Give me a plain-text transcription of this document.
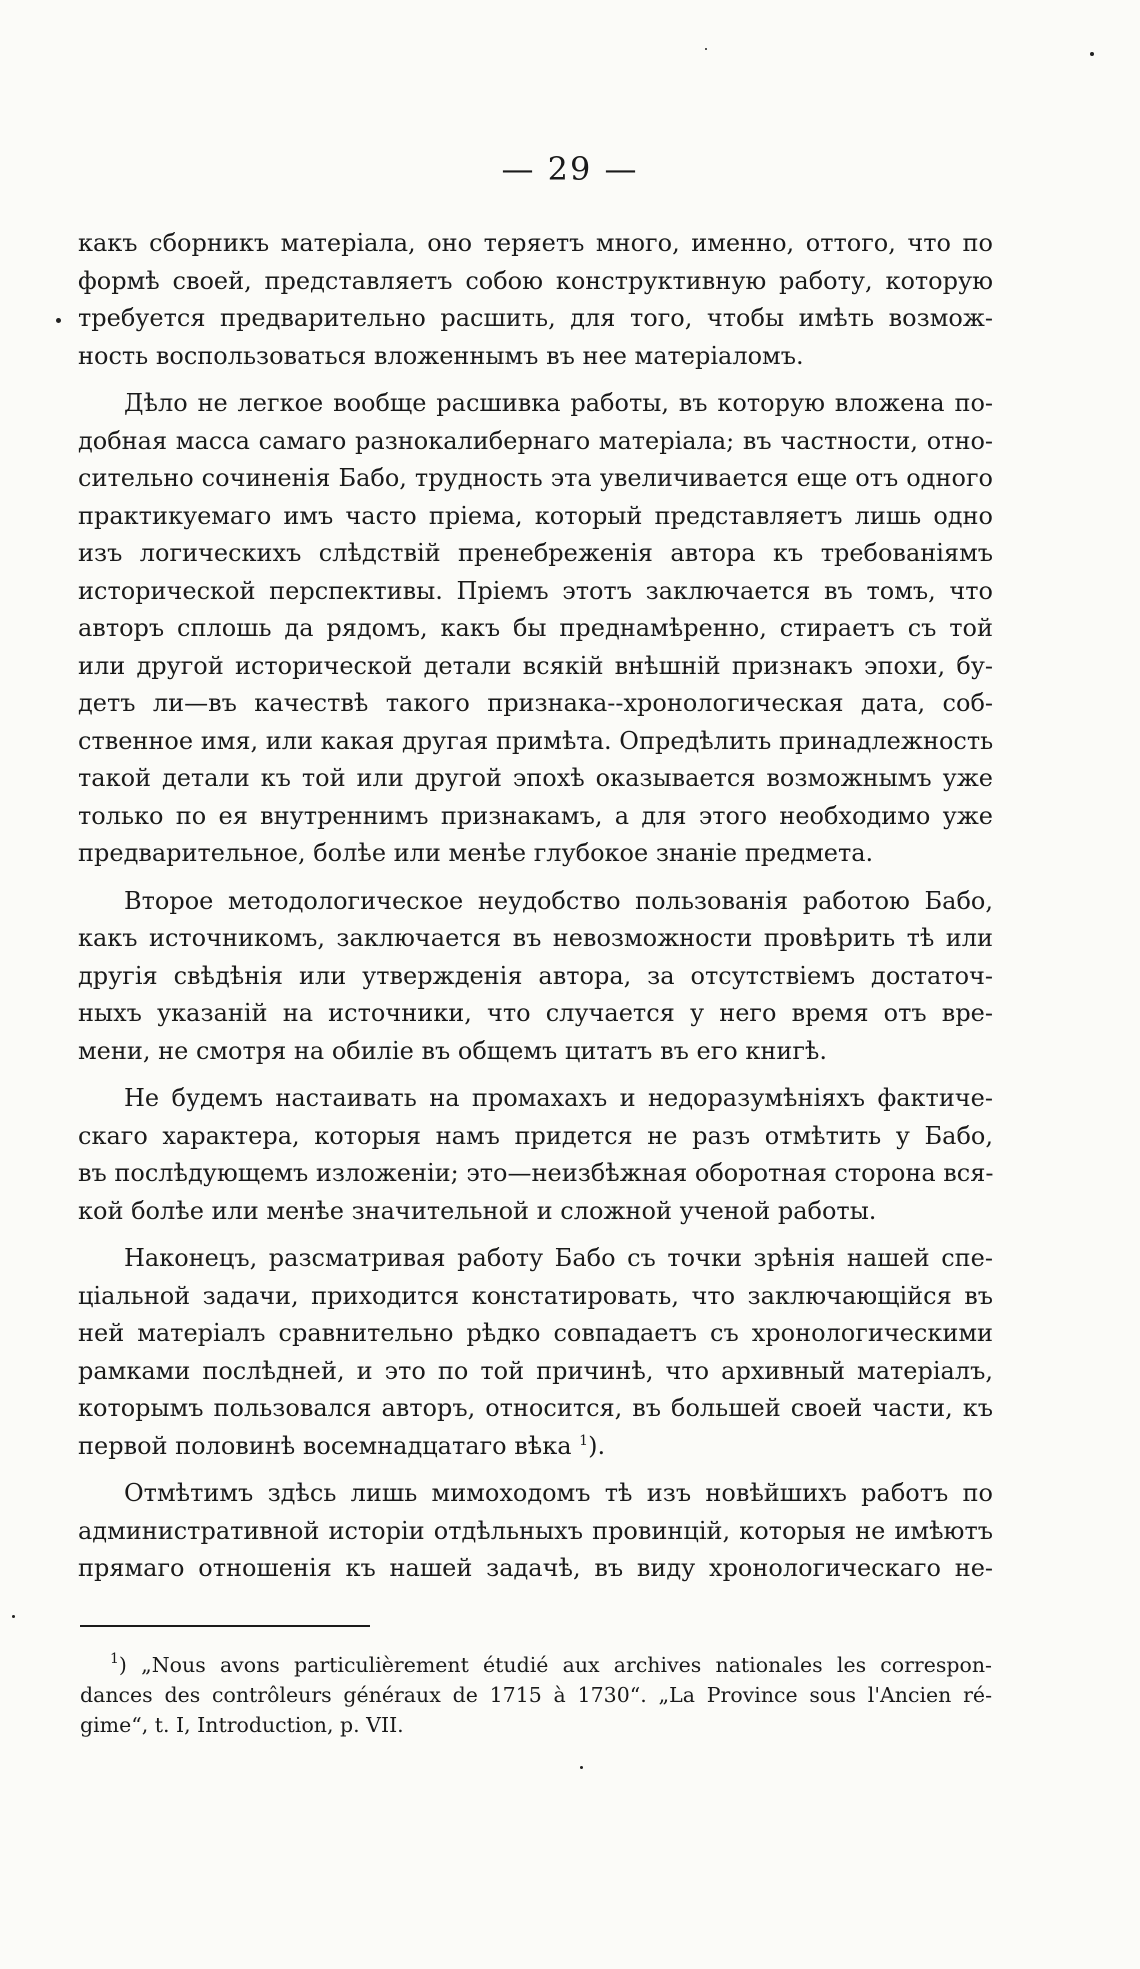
— 29 —
какъ сборникъ матеріала, оно теряетъ много, именно, оттого, что по
формѣ своей, представляетъ собою конструктивную работу, которую
требуется предварительно расшить, для того, чтобы имѣть возмож-
ность воспользоваться вложеннымъ въ нее матеріаломъ.
Дѣло не легкое вообще расшивка работы, въ которую вложена по-
добная масса самаго разнокалибернаго матеріала; въ частности, отно-
сительно сочиненія Бабо, трудность эта увеличивается еще отъ одного
практикуемаго имъ часто пріема, который представляетъ лишь одно
изъ логическихъ слѣдствій пренебреженія автора къ требованіямъ
исторической перспективы. Пріемъ этотъ заключается въ томъ, что
авторъ сплошь да рядомъ, какъ бы преднамѣренно, стираетъ съ той
или другой исторической детали всякій внѣшній признакъ эпохи, бу-
детъ ли—въ качествѣ такого признака--хронологическая дата, соб-
ственное имя, или какая другая примѣта. Опредѣлить принадлежность
такой детали къ той или другой эпохѣ оказывается возможнымъ уже
только по ея внутреннимъ признакамъ, а для этого необходимо уже
предварительное, болѣе или менѣе глубокое знаніе предмета.
Второе методологическое неудобство пользованія работою Бабо,
какъ источникомъ, заключается въ невозможности провѣрить тѣ или
другія свѣдѣнія или утвержденія автора, за отсутствіемъ достаточ-
ныхъ указаній на источники, что случается у него время отъ вре-
мени, не смотря на обиліе въ общемъ цитатъ въ его книгѣ.
Не будемъ настаивать на промахахъ и недоразумѣніяхъ фактиче-
скаго характера, которыя намъ придется не разъ отмѣтить у Бабо,
въ послѣдующемъ изложеніи; это—неизбѣжная оборотная сторона вся-
кой болѣе или менѣе значительной и сложной ученой работы.
Наконецъ, разсматривая работу Бабо съ точки зрѣнія нашей спе-
ціальной задачи, приходится констатировать, что заключающійся въ
ней матеріалъ сравнительно рѣдко совпадаетъ съ хронологическими
рамками послѣдней, и это по той причинѣ, что архивный матеріалъ,
которымъ пользовался авторъ, относится, въ большей своей части, къ
первой половинѣ восемнадцатаго вѣка $^1$).
Отмѣтимъ здѣсь лишь мимоходомъ тѣ изъ новѣйшихъ работъ по
административной исторіи отдѣльныхъ провинцій, которыя не имѣютъ
прямаго отношенія къ нашей задачѣ, въ виду хронологическаго не-
$^1$) „Nous avons particulièrement étudié aux archives nationales les correspon-
dances des contrôleurs généraux de 1715 à 1730“. „La Province sous l'Ancien ré-
gime“, t. I, Introduction, p. VII.
